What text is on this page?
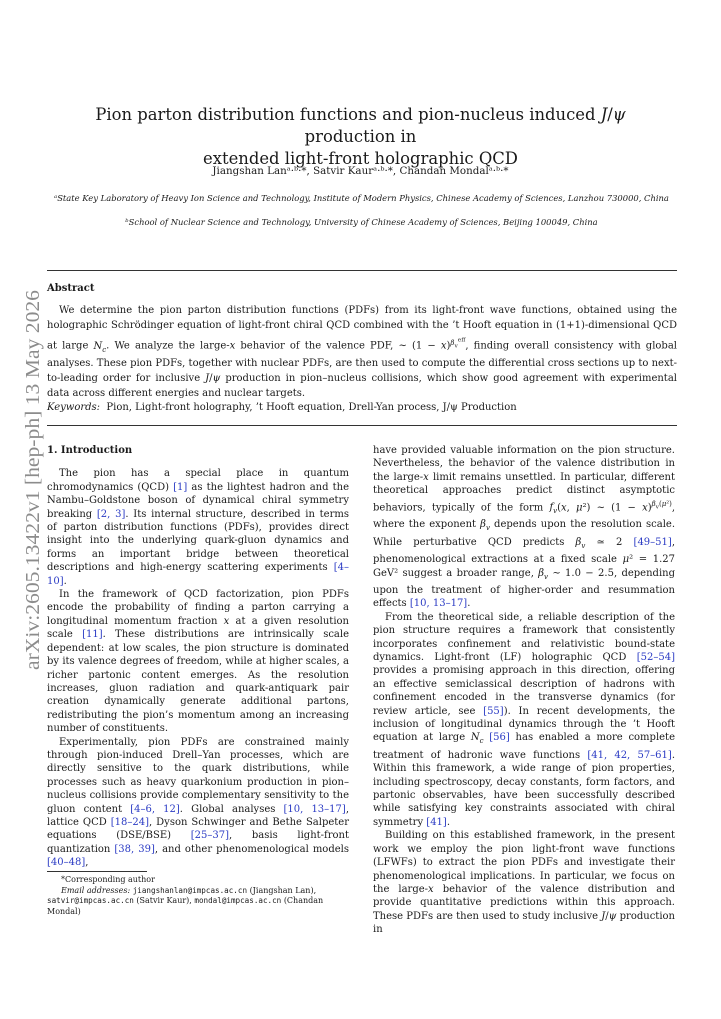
Pion parton distribution functions and pion-nucleus induced J/ψ production in
extended light-front holographic QCD
Jiangshan Lanᵃ·ᵇ·*, Satvir Kaurᵃ·ᵇ·*, Chandan Mondalᵃ·ᵇ·*
ᵃState Key Laboratory of Heavy Ion Science and Technology, Institute of Modern Physics, Chinese Academy of Sciences, Lanzhou 730000, China
ᵇSchool of Nuclear Science and Technology, University of Chinese Academy of Sciences, Beijing 100049, China
arXiv:2605.13422v1 [hep-ph] 13 May 2026
Abstract
We determine the pion parton distribution functions (PDFs) from its light-front wave functions, obtained using the holographic Schrödinger equation of light-front chiral QCD combined with the ’t Hooft equation in (1+1)-dimensional QCD at large $N_c$. We analyze the large-x behavior of the valence PDF, ∼ $(1 - x)^{\beta_v^{eff}}$, finding overall consistency with global analyses. These pion PDFs, together with nuclear PDFs, are then used to compute the differential cross sections up to next-to-leading order for inclusive J/ψ production in pion–nucleus collisions, which show good agreement with experimental data across different energies and nuclear targets.
Keywords: Pion, Light-front holography, ’t Hooft equation, Drell-Yan process, J/ψ Production
1. Introduction

The pion has a special place in quantum chromodynamics (QCD) [1] as the lightest hadron and the Nambu–Goldstone boson of dynamical chiral symmetry breaking [2, 3]. Its internal structure, described in terms of parton distribution functions (PDFs), provides direct insight into the underlying quark-gluon dynamics and forms an important bridge between theoretical descriptions and high-energy scattering experiments [4–10].

In the framework of QCD factorization, pion PDFs encode the probability of finding a parton carrying a longitudinal momentum fraction x at a given resolution scale [11]. These distributions are intrinsically scale dependent: at low scales, the pion structure is dominated by its valence degrees of freedom, while at higher scales, a richer partonic content emerges. As the resolution increases, gluon radiation and quark-antiquark pair creation dynamically generate additional partons, redistributing the pion’s momentum among an increasing number of constituents.

Experimentally, pion PDFs are constrained mainly through pion-induced Drell–Yan processes, which are directly sensitive to the quark distributions, while processes such as heavy quarkonium production in pion–nucleus collisions provide complementary sensitivity to the gluon content [4–6, 12]. Global analyses [10, 13–17], lattice QCD [18–24], Dyson Schwinger and Bethe Salpeter equations (DSE/BSE) [25–37], basis light-front quantization [38, 39], and other phenomenological models [40–48],

have provided valuable information on the pion structure. Nevertheless, the behavior of the valence distribution in the large-x limit remains unsettled. In particular, different theoretical approaches predict distinct asymptotic behaviors, typically of the form $f_v(x$, μ²) ∼ $(1 - x)^{\beta_v(\mu^2)}$, where the exponent $\beta_v$ depends upon the resolution scale. While perturbative QCD predicts $\beta_v$ ≃ 2 [49–51], phenomenological extractions at a fixed scale μ² = 1.27 GeV² suggest a broader range, $\beta_v$ ∼ 1.0 − 2.5, depending upon the treatment of higher-order and resummation effects [10, 13–17].

From the theoretical side, a reliable description of the pion structure requires a framework that consistently incorporates confinement and relativistic bound-state dynamics. Light-front (LF) holographic QCD [52–54] provides a promising approach in this direction, offering an effective semiclassical description of hadrons with confinement encoded in the transverse dynamics (for review article, see [55]). In recent developments, the inclusion of longitudinal dynamics through the ’t Hooft equation at large $N_c$ [56] has enabled a more complete treatment of hadronic wave functions [41, 42, 57–61]. Within this framework, a wide range of pion properties, including spectroscopy, decay constants, form factors, and partonic observables, have been successfully described while satisfying key constraints associated with chiral symmetry [41].

Building on this established framework, in the present work we employ the pion light-front wave functions (LFWFs) to extract the pion PDFs and investigate their phenomenological implications. In particular, we focus on the large-x behavior of the valence distribution and provide quantitative predictions within this approach. These PDFs are then used to study inclusive J/ψ production in

*Corresponding author
Email addresses: jiangshanlan@impcas.ac.cn (Jiangshan Lan), satvir@impcas.ac.cn (Satvir Kaur), mondal@impcas.ac.cn (Chandan Mondal)
